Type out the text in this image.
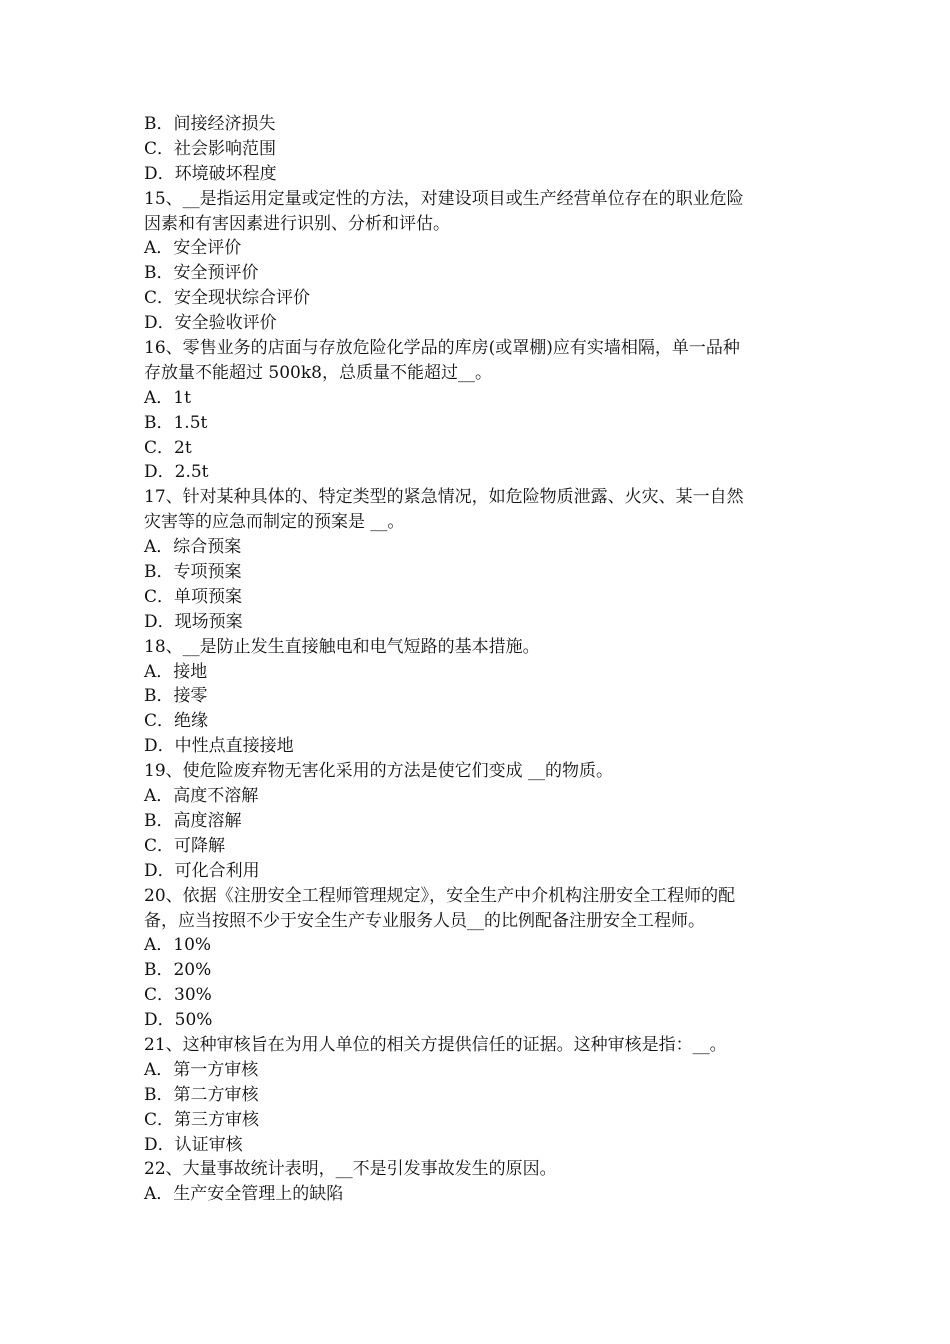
B．间接经济损失

C．社会影响范围

D．环境破坏程度

15、__是指运用定量或定性的方法，对建设项目或生产经营单位存在的职业危险

因素和有害因素进行识别、分析和评估。

A．安全评价

B．安全预评价

C．安全现状综合评价

D．安全验收评价

16、零售业务的店面与存放危险化学品的库房(或罩棚)应有实墙相隔，单一品种

存放量不能超过 500k8，总质量不能超过__。

A．1t

B．1.5t

C．2t

D．2.5t

17、针对某种具体的、特定类型的紧急情况，如危险物质泄露、火灾、某一自然

灾害等的应急而制定的预案是 __。

A．综合预案

B．专项预案

C．单项预案

D．现场预案

18、__是防止发生直接触电和电气短路的基本措施。

A．接地

B．接零

C．绝缘

D．中性点直接接地

19、使危险废弃物无害化采用的方法是使它们变成 __的物质。

A．高度不溶解

B．高度溶解

C．可降解

D．可化合利用

20、依据《注册安全工程师管理规定》，安全生产中介机构注册安全工程师的配

备，应当按照不少于安全生产专业服务人员__的比例配备注册安全工程师。

A．10%

B．20%

C．30%

D．50%

21、这种审核旨在为用人单位的相关方提供信任的证据。这种审核是指：__。

A．第一方审核

B．第二方审核

C．第三方审核

D．认证审核

22、大量事故统计表明，__不是引发事故发生的原因。

A．生产安全管理上的缺陷
